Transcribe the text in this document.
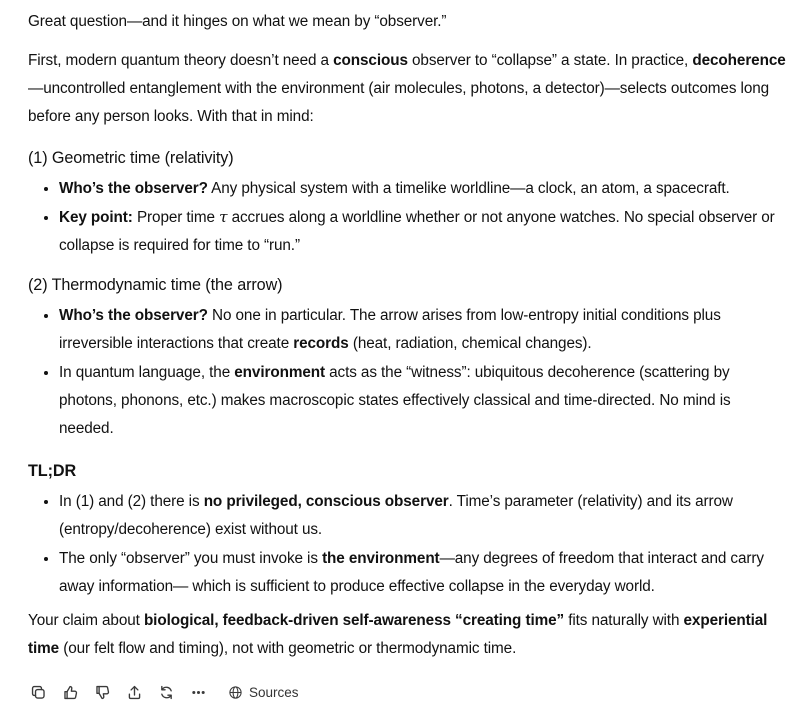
Great question—and it hinges on what we mean by “observer.”

First, modern quantum theory doesn’t need a conscious observer to “collapse” a state. In practice, decoherence—uncontrolled entanglement with the environment (air molecules, photons, a detector)—selects outcomes long before any person looks. With that in mind:

(1) Geometric time (relativity)
• Who’s the observer? Any physical system with a timelike worldline—a clock, an atom, a spacecraft.
• Key point: Proper time τ accrues along a worldline whether or not anyone watches. No special observer or collapse is required for time to “run.”
(2) Thermodynamic time (the arrow)
• Who’s the observer? No one in particular. The arrow arises from low-entropy initial conditions plus irreversible interactions that create records (heat, radiation, chemical changes).
• In quantum language, the environment acts as the “witness”: ubiquitous decoherence (scattering by photons, phonons, etc.) makes macroscopic states effectively classical and time-directed. No mind is needed.
TL;DR
• In (1) and (2) there is no privileged, conscious observer. Time’s parameter (relativity) and its arrow (entropy/decoherence) exist without us.
• The only “observer” you must invoke is the environment—any degrees of freedom that interact and carry away information— which is sufficient to produce effective collapse in the everyday world.

Your claim about biological, feedback-driven self-awareness “creating time” fits naturally with experiential time (our felt flow and timing), not with geometric or thermodynamic time.

Sources
